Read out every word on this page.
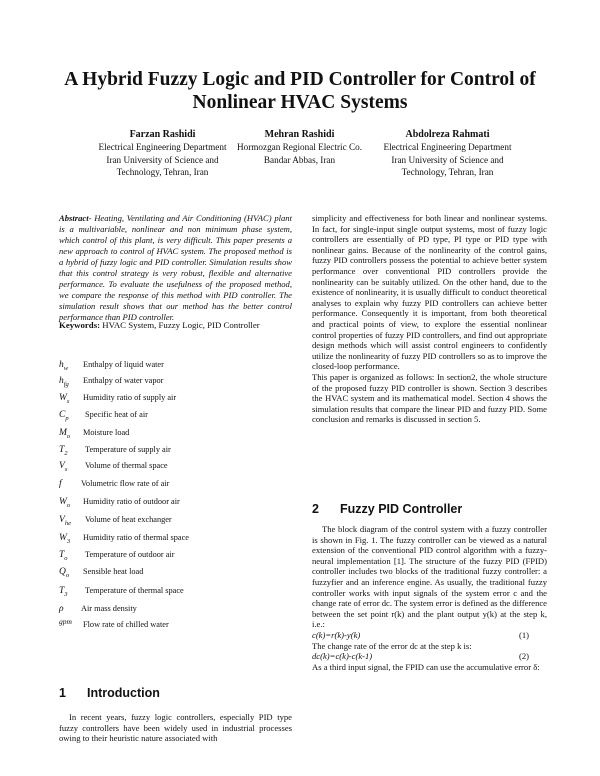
A Hybrid Fuzzy Logic and PID Controller for Control of Nonlinear HVAC Systems
Farzan Rashidi
Electrical Engineering Department
Iran University of Science and
Technology, Tehran, Iran
Mehran Rashidi
Hormozgan Regional Electric Co.
Bandar Abbas, Iran
Abdolreza Rahmati
Electrical Engineering Department
Iran University of Science and
Technology, Tehran, Iran
Abstract- Heating, Ventilating and Air Conditioning (HVAC) plant is a multivariable, nonlinear and non minimum phase system, which control of this plant, is very difficult. This paper presents a new approach to control of HVAC system. The proposed method is a hybrid of fuzzy logic and PID controller. Simulation results show that this control strategy is very robust, flexible and alternative performance. To evaluate the usefulness of the proposed method, we compare the response of this method with PID controller. The simulation result shows that our method has the better control performance than PID controller.
Keywords: HVAC System, Fuzzy Logic, PID Controller
$h_w$	Enthalpy of liquid water
$h_{fg}$	Enthalpy of water vapor
$W_s$	Humidity ratio of supply air
$C_p$	Specific heat of air
$M_o$	Moisture load
$T_2$	Temperature of supply air
$V_s$	Volume of thermal space
f	Volumetric flow rate of air
$W_o$	Humidity ratio of outdoor air
$V_{he}$	Volume of heat exchanger
$W_3$	Humidity ratio of thermal space
$T_o$	Temperature of outdoor air
$Q_o$	Sensible heat load
$T_3$	Temperature of thermal space
ρ	Air mass density
gpm	Flow rate of chilled water
1 Introduction
In recent years, fuzzy logic controllers, especially PID type fuzzy controllers have been widely used in industrial processes owing to their heuristic nature associated with

simplicity and effectiveness for both linear and nonlinear systems. In fact, for single-input single output systems, most of fuzzy logic controllers are essentially of PD type, PI type or PID type with nonlinear gains. Because of the nonlinearity of the control gains, fuzzy PID controllers possess the potential to achieve better system performance over conventional PID controllers provide the nonlinearity can be suitably utilized. On the other hand, due to the existence of nonlinearity, it is usually difficult to conduct theoretical analyses to explain why fuzzy PID controllers can achieve better performance. Consequently it is important, from both theoretical and practical points of view, to explore the essential nonlinear control properties of fuzzy PID controllers, and find out appropriate design methods which will assist control engineers to confidently utilize the nonlinearity of fuzzy PID controllers so as to improve the closed-loop performance.

This paper is organized as follows: In section2, the whole structure of the proposed fuzzy PID controller is shown. Section 3 describes the HVAC system and its mathematical model. Section 4 shows the simulation results that compare the linear PID and fuzzy PID. Some conclusion and remarks is discussed in section 5.

2 Fuzzy PID Controller

The block diagram of the control system with a fuzzy controller is shown in Fig. 1. The fuzzy controller can be viewed as a natural extension of the conventional PID control algorithm with a fuzzy- neural implementation [1]. The structure of the fuzzy PID (FPID) controller includes two blocks of the traditional fuzzy controller: a fuzzyfier and an inference engine. As usually, the traditional fuzzy controller works with input signals of the system error c and the change rate of error dc. The system error is defined as the difference between the set point r(k) and the plant output y(k) at the step k, i.e.:

c(k)=r(k)-y(k)	(1)

The change rate of the error dc at the step k is:

dc(k)=c(k)-c(k-1)	(2)

As a third input signal, the FPID can use the accumulative error δ:
